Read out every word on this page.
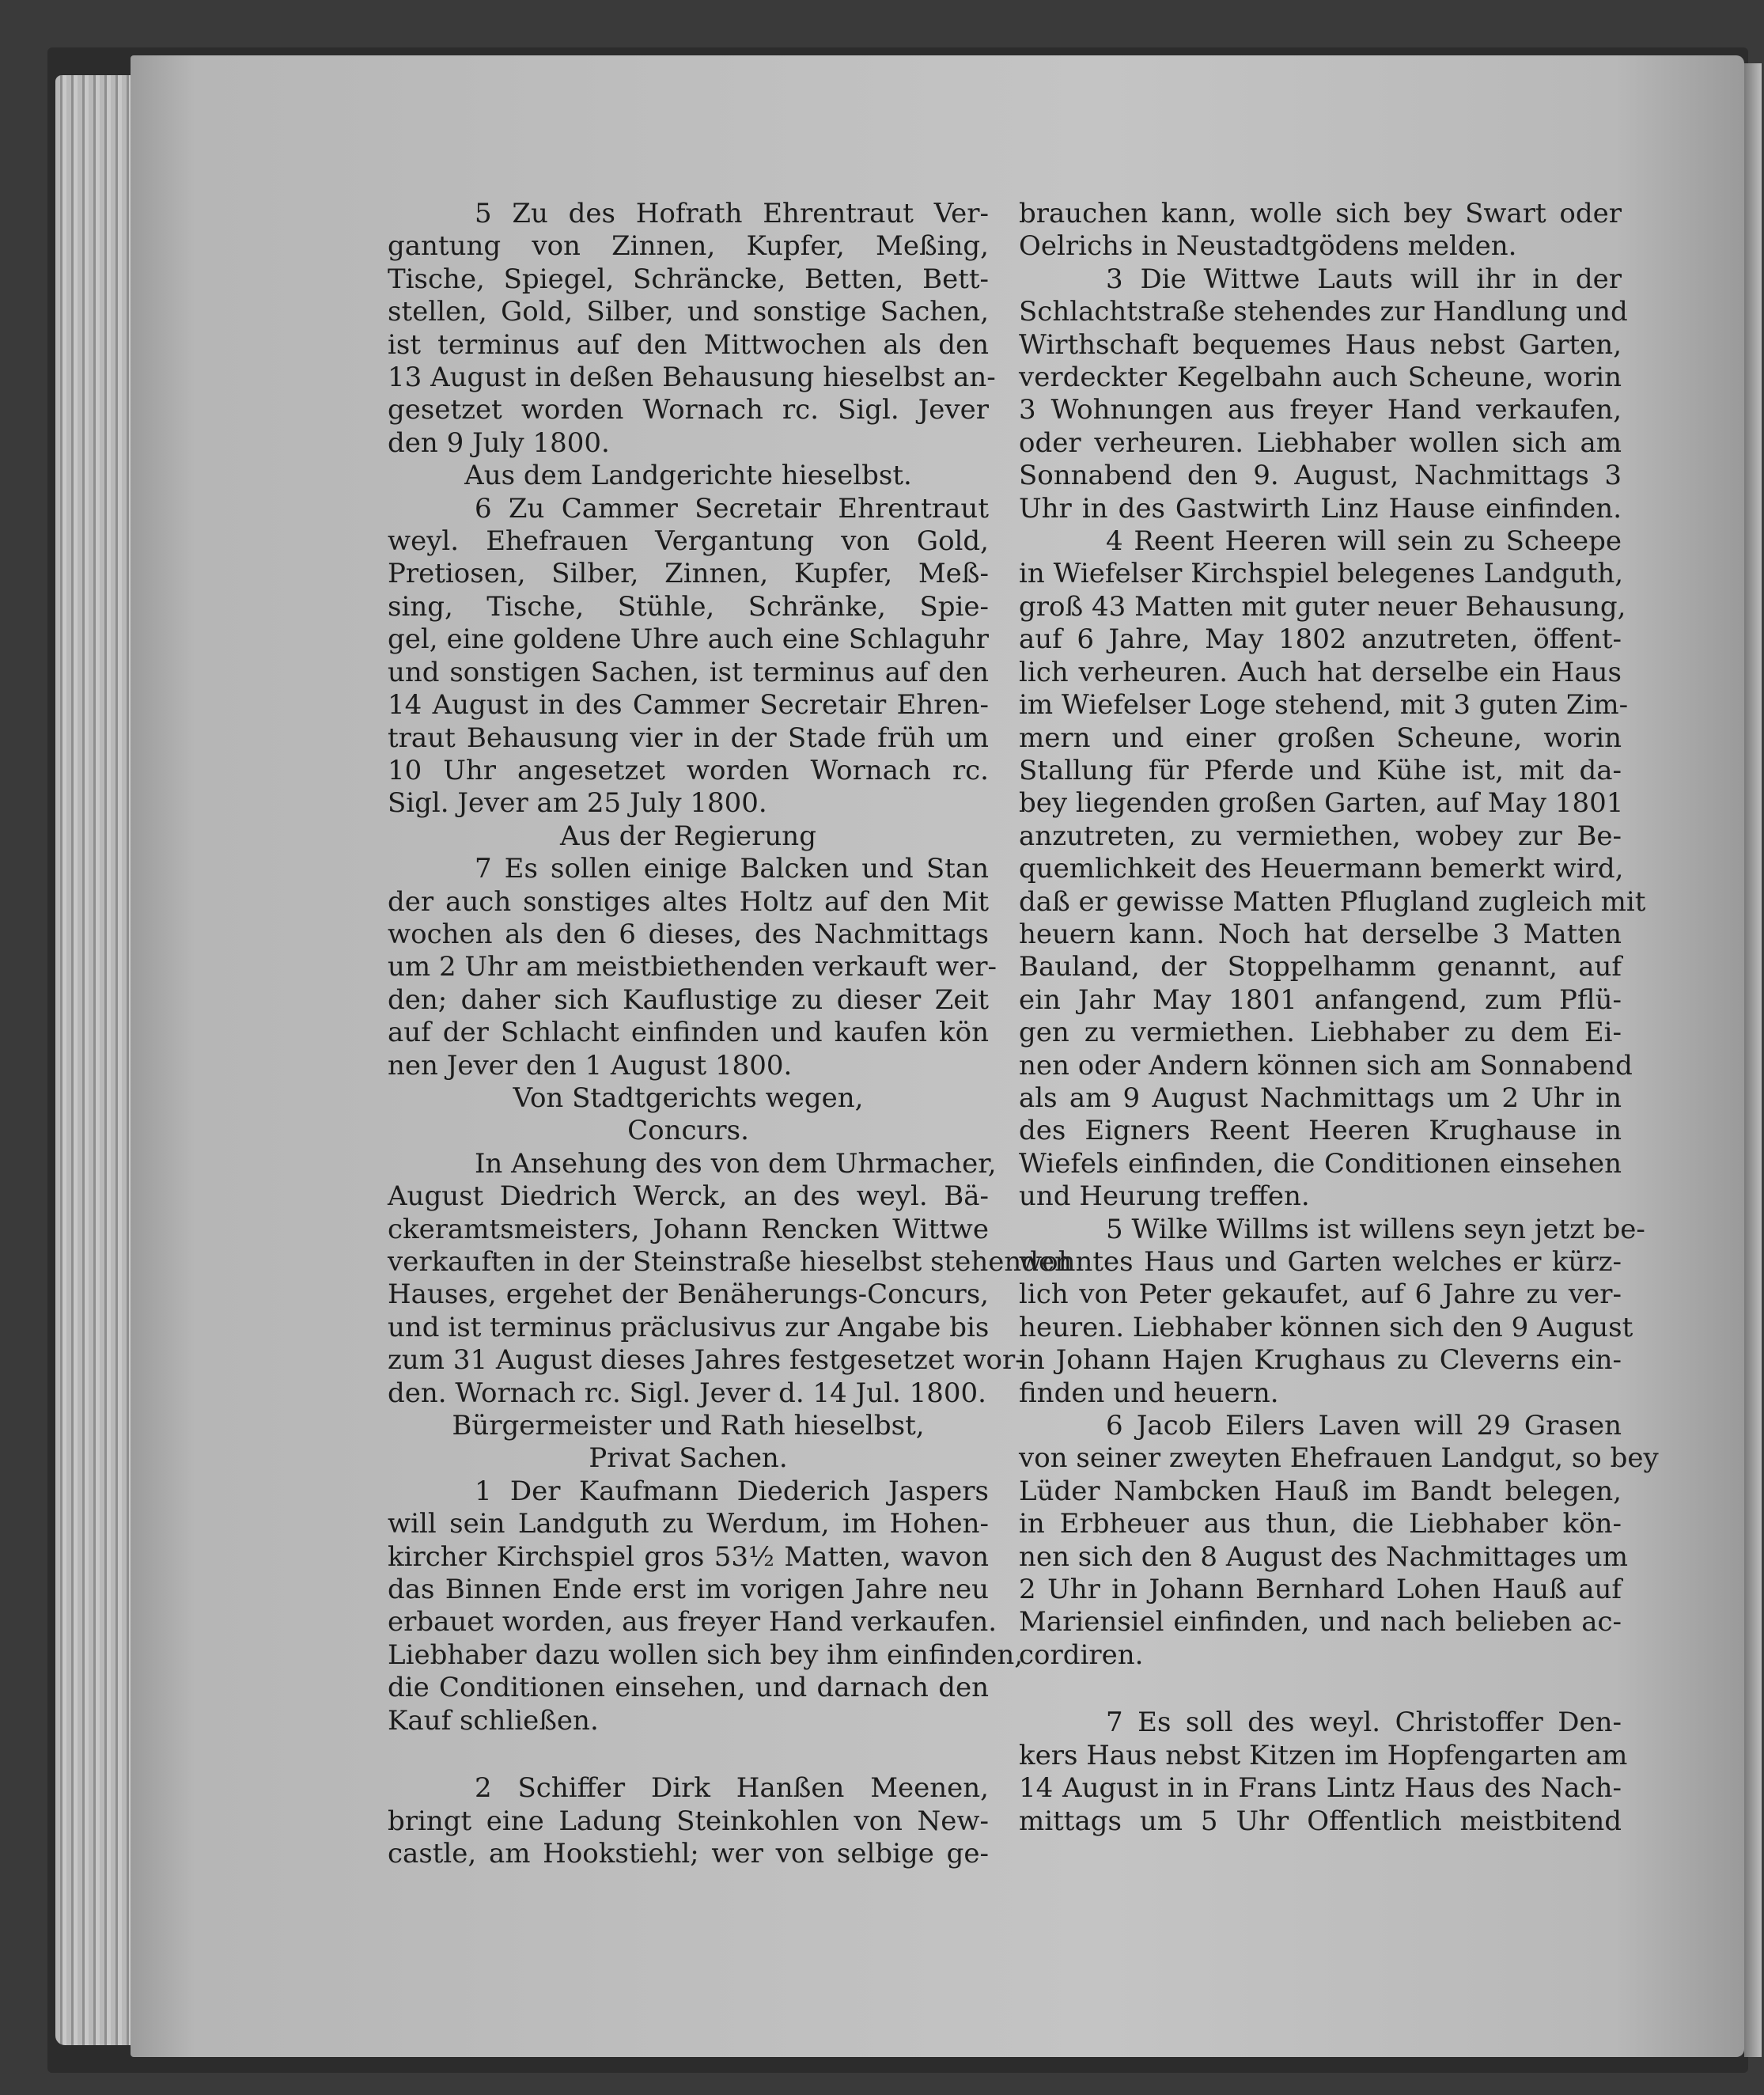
5 Zu des Hofrath Ehrentraut Ver-
gantung von Zinnen, Kupfer, Meßing,
Tische, Spiegel, Schräncke, Betten, Bett-
stellen, Gold, Silber, und sonstige Sachen,
ist terminus auf den Mittwochen als den
13 August in deßen Behausung hieselbst an-
gesetzet worden Wornach rc. Sigl. Jever
den 9 July 1800.
Aus dem Landgerichte hieselbst.
6 Zu Cammer Secretair Ehrentraut
weyl. Ehefrauen Vergantung von Gold,
Pretiosen, Silber, Zinnen, Kupfer, Meß-
sing, Tische, Stühle, Schränke, Spie-
gel, eine goldene Uhre auch eine Schlaguhr
und sonstigen Sachen, ist terminus auf den
14 August in des Cammer Secretair Ehren-
traut Behausung vier in der Stade früh um
10 Uhr angesetzet worden Wornach rc.
Sigl. Jever am 25 July 1800.
Aus der Regierung
7 Es sollen einige Balcken und Stan
der auch sonstiges altes Holtz auf den Mit
wochen als den 6 dieses, des Nachmittags
um 2 Uhr am meistbiethenden verkauft wer-
den; daher sich Kauflustige zu dieser Zeit
auf der Schlacht einfinden und kaufen kön
nen Jever den 1 August 1800.
Von Stadtgerichts wegen,
Concurs.
In Ansehung des von dem Uhrmacher,
August Diedrich Werck, an des weyl. Bä-
ckeramtsmeisters, Johann Rencken Wittwe
verkauften in der Steinstraße hieselbst stehenden
Hauses, ergehet der Benäherungs-Concurs,
und ist terminus präclusivus zur Angabe bis
zum 31 August dieses Jahres festgesetzet wor-
den. Wornach rc. Sigl. Jever d. 14 Jul. 1800.
Bürgermeister und Rath hieselbst,
Privat Sachen.
1 Der Kaufmann Diederich Jaspers
will sein Landguth zu Werdum, im Hohen-
kircher Kirchspiel gros 53½ Matten, wavon
das Binnen Ende erst im vorigen Jahre neu
erbauet worden, aus freyer Hand verkaufen.
Liebhaber dazu wollen sich bey ihm einfinden,
die Conditionen einsehen, und darnach den
Kauf schließen.
2 Schiffer Dirk Hanßen Meenen,
bringt eine Ladung Steinkohlen von New-
castle, am Hookstiehl; wer von selbige ge-
brauchen kann, wolle sich bey Swart oder
Oelrichs in Neustadtgödens melden.
3 Die Wittwe Lauts will ihr in der
Schlachtstraße stehendes zur Handlung und
Wirthschaft bequemes Haus nebst Garten,
verdeckter Kegelbahn auch Scheune, worin
3 Wohnungen aus freyer Hand verkaufen,
oder verheuren. Liebhaber wollen sich am
Sonnabend den 9. August, Nachmittags 3
Uhr in des Gastwirth Linz Hause einfinden.
4 Reent Heeren will sein zu Scheepe
in Wiefelser Kirchspiel belegenes Landguth,
groß 43 Matten mit guter neuer Behausung,
auf 6 Jahre, May 1802 anzutreten, öffent-
lich verheuren. Auch hat derselbe ein Haus
im Wiefelser Loge stehend, mit 3 guten Zim-
mern und einer großen Scheune, worin
Stallung für Pferde und Kühe ist, mit da-
bey liegenden großen Garten, auf May 1801
anzutreten, zu vermiethen, wobey zur Be-
quemlichkeit des Heuermann bemerkt wird,
daß er gewisse Matten Pflugland zugleich mit
heuern kann. Noch hat derselbe 3 Matten
Bauland, der Stoppelhamm genannt, auf
ein Jahr May 1801 anfangend, zum Pflü-
gen zu vermiethen. Liebhaber zu dem Ei-
nen oder Andern können sich am Sonnabend
als am 9 August Nachmittags um 2 Uhr in
des Eigners Reent Heeren Krughause in
Wiefels einfinden, die Conditionen einsehen
und Heurung treffen.
5 Wilke Willms ist willens seyn jetzt be-
wohntes Haus und Garten welches er kürz-
lich von Peter gekaufet, auf 6 Jahre zu ver-
heuren. Liebhaber können sich den 9 August
in Johann Hajen Krughaus zu Cleverns ein-
finden und heuern.
6 Jacob Eilers Laven will 29 Grasen
von seiner zweyten Ehefrauen Landgut, so bey
Lüder Nambcken Hauß im Bandt belegen,
in Erbheuer aus thun, die Liebhaber kön-
nen sich den 8 August des Nachmittages um
2 Uhr in Johann Bernhard Lohen Hauß auf
Mariensiel einfinden, und nach belieben ac-
cordiren.
7 Es soll des weyl. Christoffer Den-
kers Haus nebst Kitzen im Hopfengarten am
14 August in in Frans Lintz Haus des Nach-
mittags um 5 Uhr Offentlich meistbitend
